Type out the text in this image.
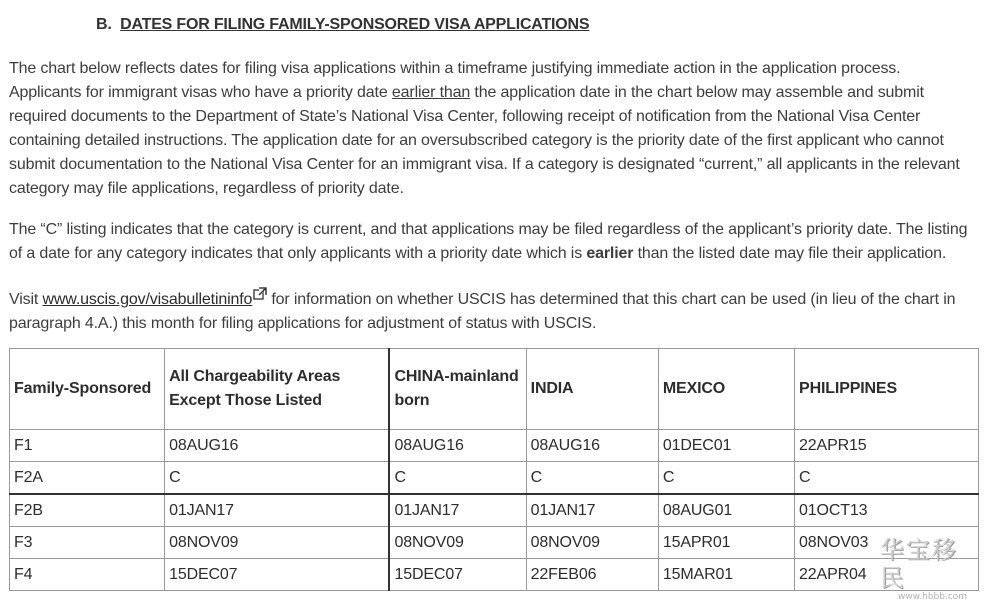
B. DATES FOR FILING FAMILY-SPONSORED VISA APPLICATIONS
The chart below reflects dates for filing visa applications within a timeframe justifying immediate action in the application process. Applicants for immigrant visas who have a priority date earlier than the application date in the chart below may assemble and submit required documents to the Department of State’s National Visa Center, following receipt of notification from the National Visa Center containing detailed instructions. The application date for an oversubscribed category is the priority date of the first applicant who cannot submit documentation to the National Visa Center for an immigrant visa. If a category is designated “current,” all applicants in the relevant category may file applications, regardless of priority date.
The “C” listing indicates that the category is current, and that applications may be filed regardless of the applicant’s priority date. The listing of a date for any category indicates that only applicants with a priority date which is earlier than the listed date may file their application.
Visit www.uscis.gov/visabulletininfo for information on whether USCIS has determined that this chart can be used (in lieu of the chart in paragraph 4.A.) this month for filing applications for adjustment of status with USCIS.
Family-Sponsored	All Chargeability Areas Except Those Listed	CHINA-mainland born	INDIA	MEXICO	PHILIPPINES
F1	08AUG16	08AUG16	08AUG16	01DEC01	22APR15
F2A	C	C	C	C	C
F2B	01JAN17	01JAN17	01JAN17	08AUG01	01OCT13
F3	08NOV09	08NOV09	08NOV09	15APR01	08NOV03
F4	15DEC07	15DEC07	22FEB06	15MAR01	22APR04
华宝移民
www.hbbb.com
